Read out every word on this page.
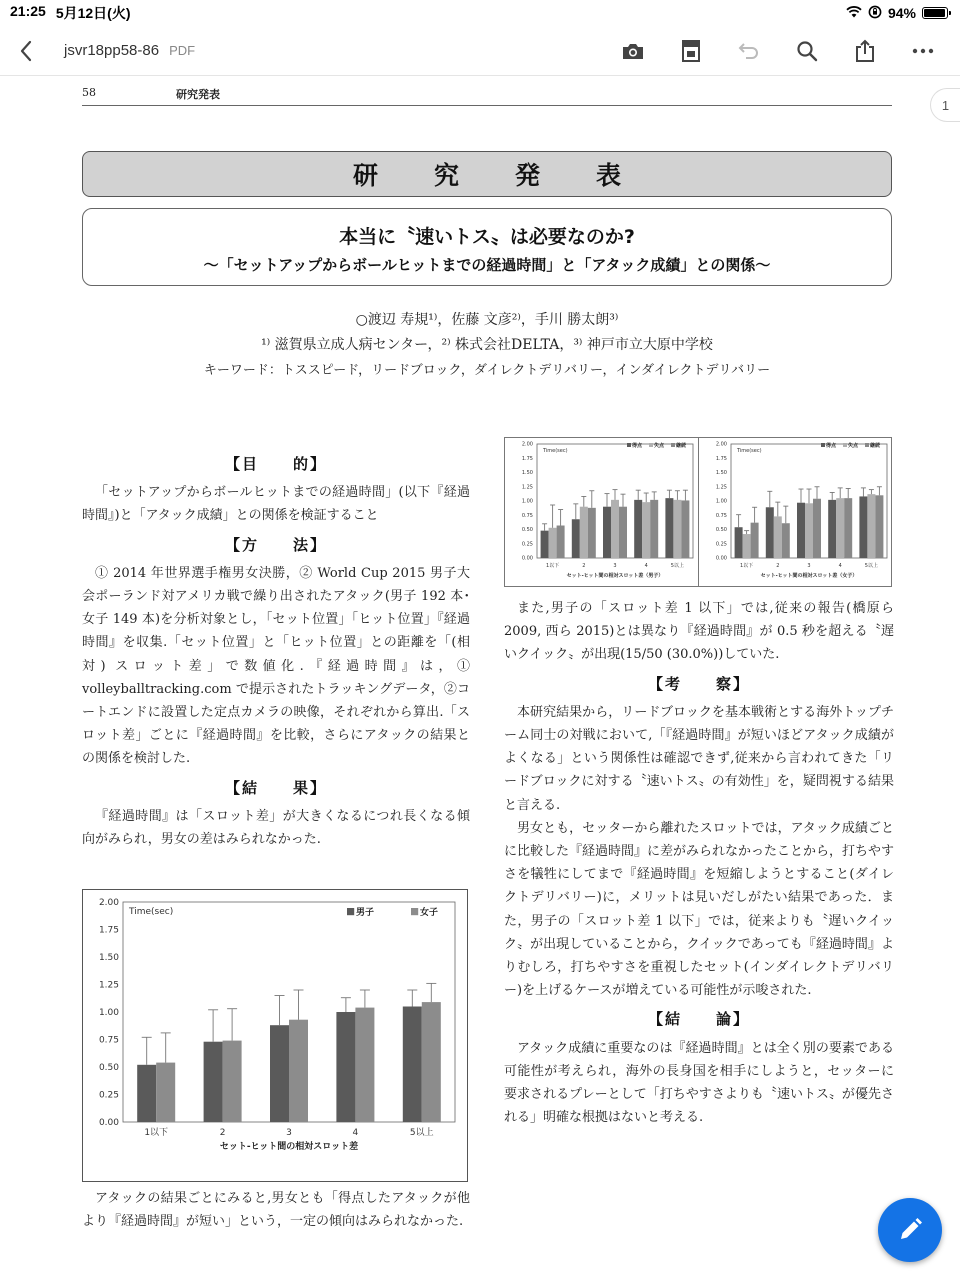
21:25 5月12日(火)	94%
jsvr18pp58-86 PDF
58	研究発表
研究発表
本当に〝速いトス〟は必要なのか?
～「セットアップからボールヒットまでの経過時間」と「アタック成績」との関係～
○渡辺 寿規¹⁾，佐藤 文彦²⁾，手川 勝太朗³⁾
¹⁾ 滋賀県立成人病センター，²⁾ 株式会社DELTA，³⁾ 神戸市立大原中学校
キーワード：トススピード，リードブロック，ダイレクトデリバリー，インダイレクトデリバリー
【目　　的】

「セットアップからボールヒットまでの経過時間」(以下『経過時間』)と「アタック成績」との関係を検証すること

【方　　法】

① 2014 年世界選手権男女決勝，② World Cup 2015 男子大会ポーランド対アメリカ戦で繰り出されたアタック(男子 192 本･女子 149 本)を分析対象とし，「セット位置」「ヒット位置」『経過時間』を収集.「セット位置」と「ヒット位置」との距離を「(相対) スロット差」で数値化.『経過時間』は，① volleyballtracking.com で提示されたトラッキングデータ，②コートエンドに設置した定点カメラの映像，それぞれから算出.「スロット差」ごとに『経過時間』を比較，さらにアタックの結果との関係を検討した.

【結　　果】

『経過時間』は「スロット差」が大きくなるにつれ長くなる傾向がみられ，男女の差はみられなかった.

0.00
0.25
0.50
0.75
1.00
1.25
1.50
1.75
2.00
Time(sec)
1以下	2	3	4	5以上
セット-ヒット間の相対スロット差
男子	女子

アタックの結果ごとにみると,男女とも「得点したアタックが他より『経過時間』が短い」という，一定の傾向はみられなかった.

0.00
0.25
0.50
0.75
1.00
1.25
1.50
1.75
2.00
Time(sec)
1以下	2	3	4	5以上
セット-ヒット間の相対スロット差（男子）
得点 失点 継続
0.00
0.25
0.50
0.75
1.00
1.25
1.50
1.75
2.00
Time(sec)
1以下	2	3	4	5以上
セット-ヒット間の相対スロット差（女子）
得点 失点 継続

また,男子の「スロット差 1 以下」では,従来の報告(橋原ら 2009, 西ら 2015)とは異なり『経過時間』が 0.5 秒を超える〝遅いクイック〟が出現(15/50 (30.0%))していた.

【考　　察】

本研究結果から，リードブロックを基本戦術とする海外トップチーム同士の対戦において,「『経過時間』が短いほどアタック成績がよくなる」という関係性は確認できず,従来から言われてきた「リードブロックに対する〝速いトス〟の有効性」を，疑問視する結果と言える.

男女とも，セッターから離れたスロットでは，アタック成績ごとに比較した『経過時間』に差がみられなかったことから，打ちやすさを犠牲にしてまで『経過時間』を短縮しようとすること(ダイレクトデリバリー)に，メリットは見いだしがたい結果であった．また，男子の「スロット差 1 以下」では，従来よりも〝遅いクイック〟が出現していることから，クイックであっても『経過時間』よりむしろ，打ちやすさを重視したセット(インダイレクトデリバリー)を上げるケースが増えている可能性が示唆された.

【結　　論】

アタック成績に重要なのは『経過時間』とは全く別の要素である可能性が考えられ，海外の長身国を相手にしようと，セッターに要求されるプレーとして「打ちやすさよりも〝速いトス〟が優先される」明確な根拠はないと考える.

1
